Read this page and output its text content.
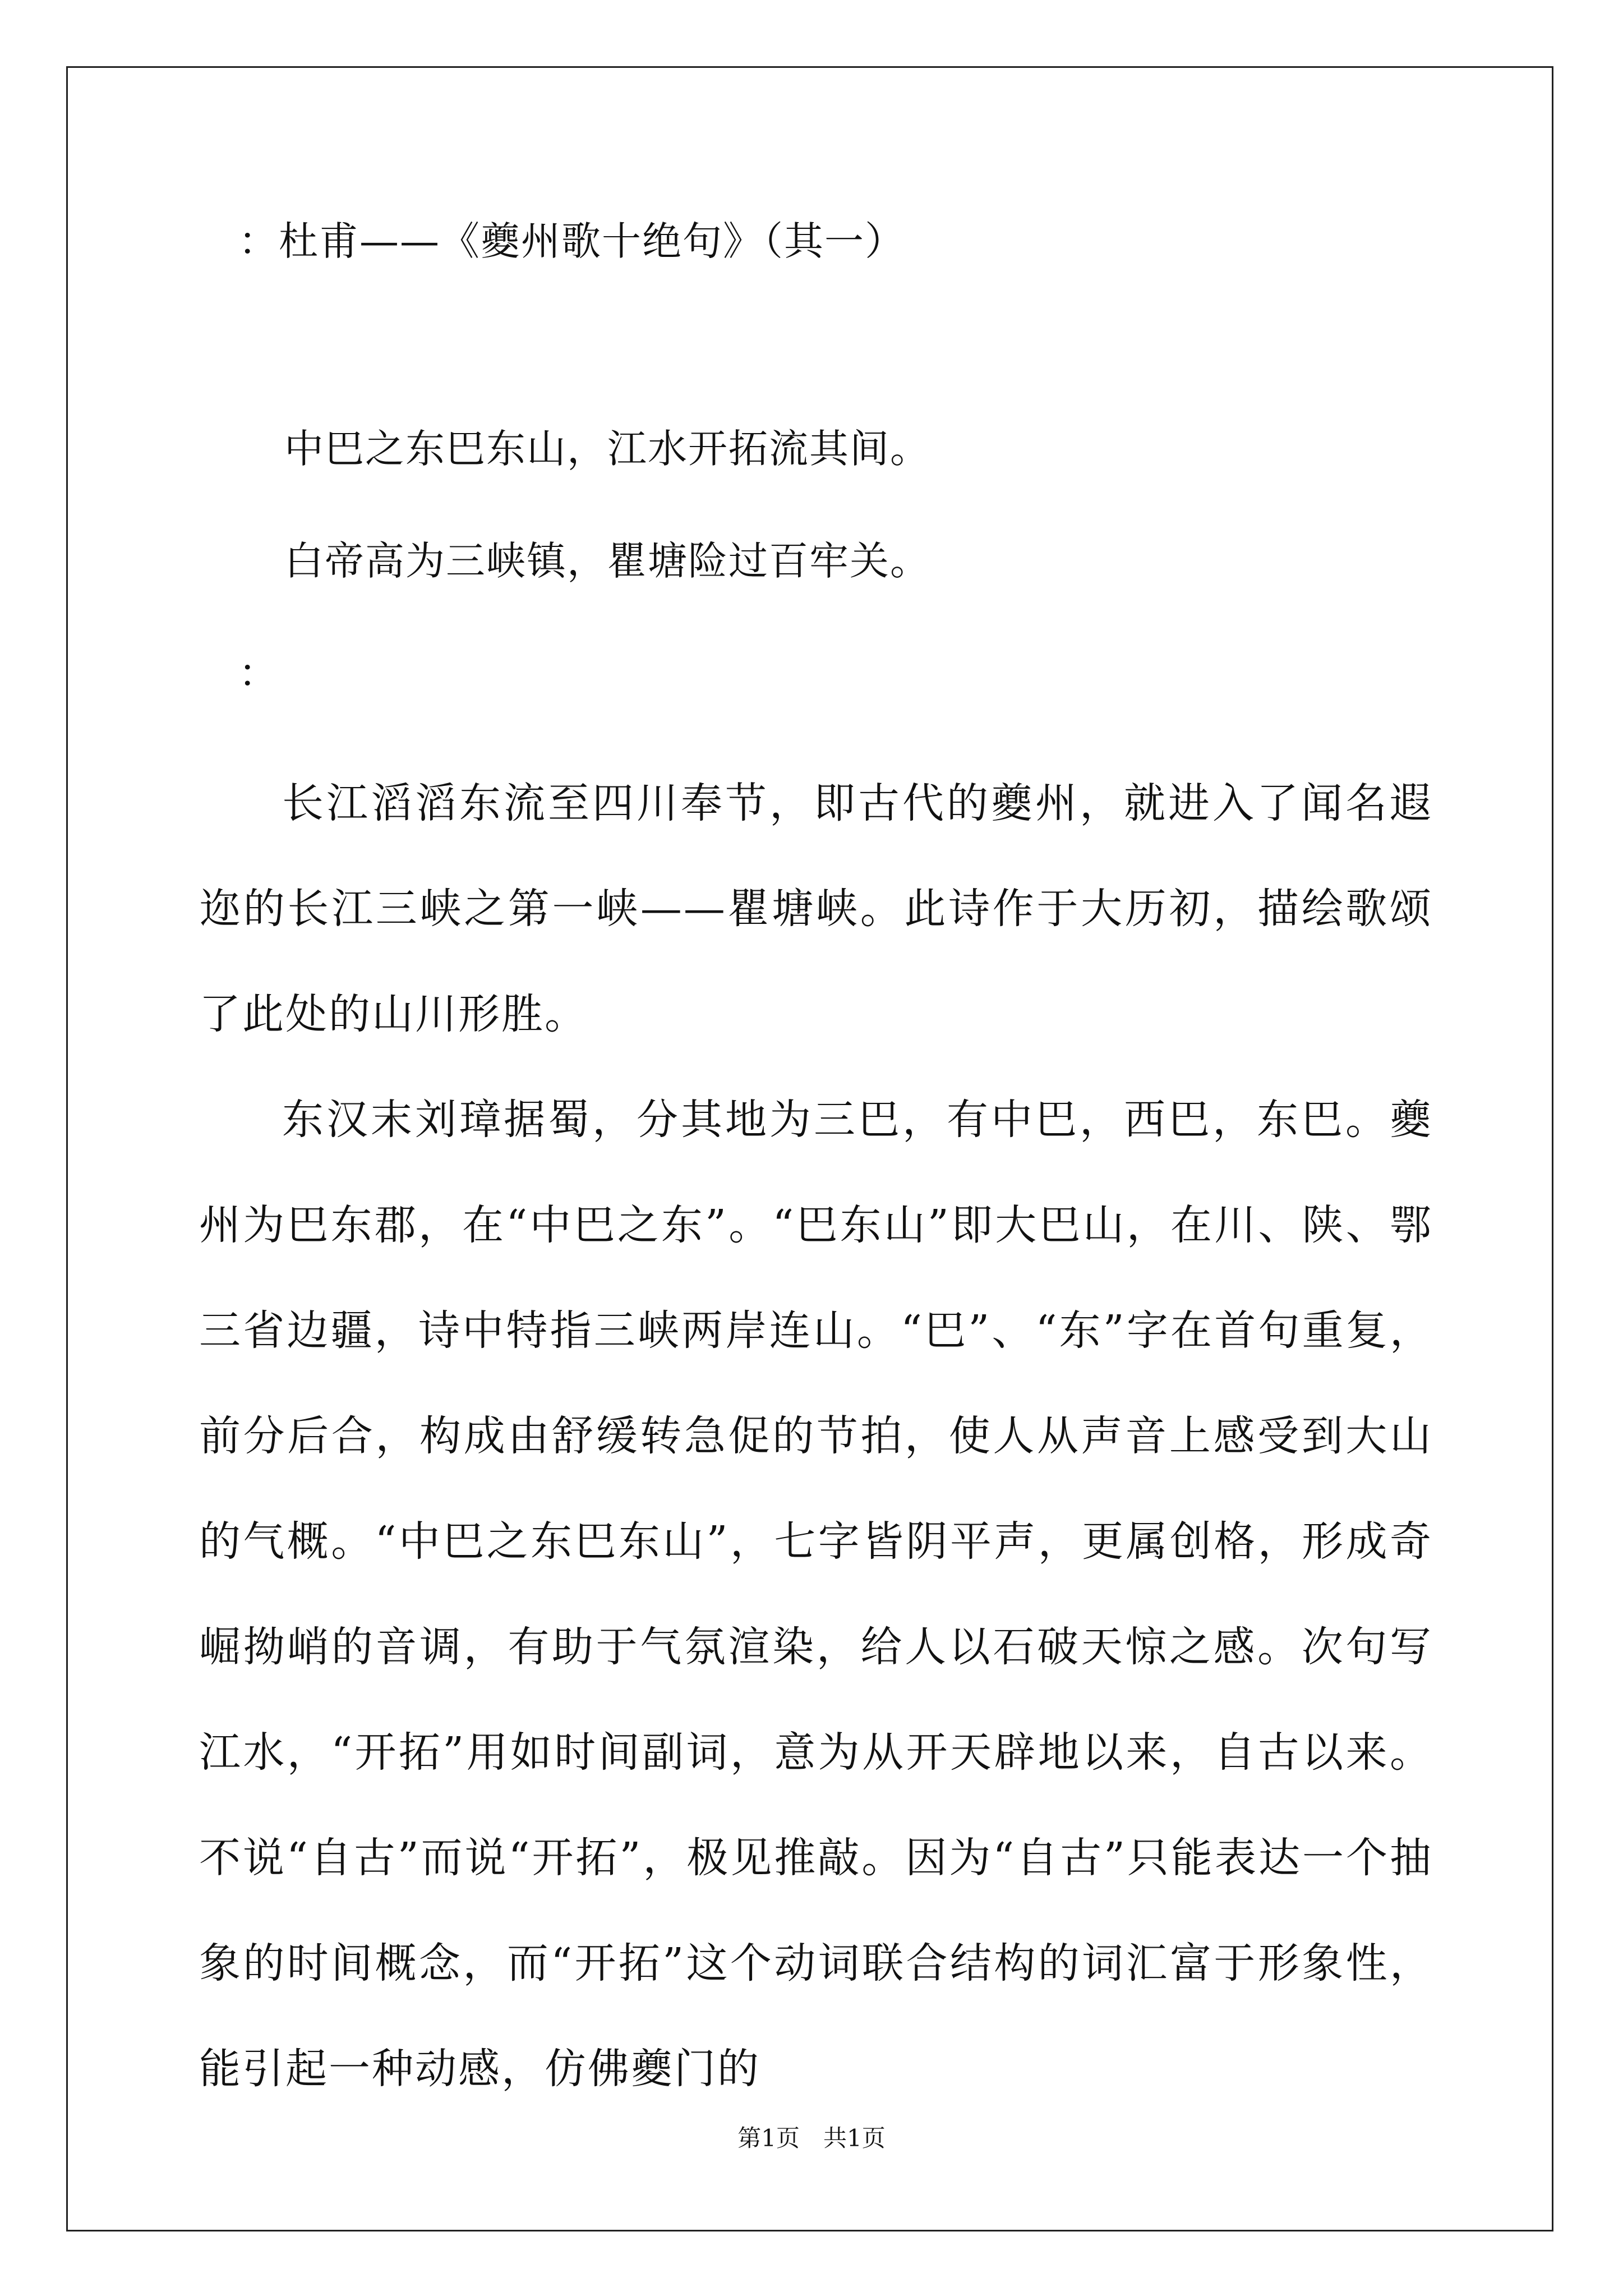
：杜甫——《夔州歌十绝句》（其一）
中巴之东巴东山，江水开拓流其间。
白帝高为三峡镇，瞿塘险过百牢关。
：

长江滔滔东流至四川奉节，即古代的夔州，就进入了闻名遐迩的长江三峡之第一峡——瞿塘峡。此诗作于大历初，描绘歌颂了此处的山川形胜。

东汉末刘璋据蜀，分其地为三巴，有中巴，西巴，东巴。夔州为巴东郡，在“中巴之东”。“巴东山”即大巴山，在川、陕、鄂三省边疆，诗中特指三峡两岸连山。“巴”、“东”字在首句重复，前分后合，构成由舒缓转急促的节拍，使人从声音上感受到大山的气概。“中巴之东巴东山”，七字皆阴平声，更属创格，形成奇崛拗峭的音调，有助于气氛渲染，给人以石破天惊之感。次句写江水，“开拓”用如时间副词，意为从开天辟地以来，自古以来。不说“自古”而说“开拓”，极见推敲。因为“自古”只能表达一个抽象的时间概念，而“开拓”这个动词联合结构的词汇富于形象性，能引起一种动感，仿佛夔门的

第1页　共1页
